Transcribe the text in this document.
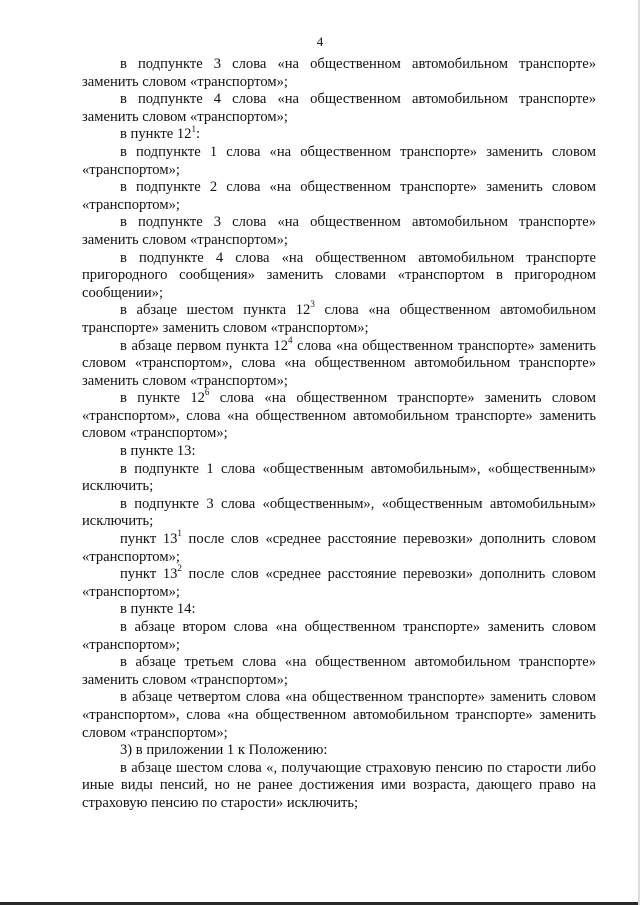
4

в подпункте 3 слова «на общественном автомобильном транспорте» заменить словом «транспортом»;

в подпункте 4 слова «на общественном автомобильном транспорте» заменить словом «транспортом»;

в пункте $12^1$:

в подпункте 1 слова «на общественном транспорте» заменить словом «транспортом»;

в подпункте 2 слова «на общественном транспорте» заменить словом «транспортом»;

в подпункте 3 слова «на общественном автомобильном транспорте» заменить словом «транспортом»;

в подпункте 4 слова «на общественном автомобильном транспорте пригородного сообщения» заменить словами «транспортом в пригородном сообщении»;

в абзаце шестом пункта $12^3$ слова «на общественном автомобильном транспорте» заменить словом «транспортом»;

в абзаце первом пункта $12^4$ слова «на общественном транспорте» заменить словом «транспортом», слова «на общественном автомобильном транспорте» заменить словом «транспортом»;

в пункте $12^6$ слова «на общественном транспорте» заменить словом «транспортом», слова «на общественном автомобильном транспорте» заменить словом «транспортом»;

в пункте 13:

в подпункте 1 слова «общественным автомобильным», «общественным» исключить;

в подпункте 3 слова «общественным», «общественным автомобильным» исключить;

пункт $13^1$ после слов «среднее расстояние перевозки» дополнить словом «транспортом»;

пункт $13^2$ после слов «среднее расстояние перевозки» дополнить словом «транспортом»;

в пункте 14:

в абзаце втором слова «на общественном транспорте» заменить словом «транспортом»;

в абзаце третьем слова «на общественном автомобильном транспорте» заменить словом «транспортом»;

в абзаце четвертом слова «на общественном транспорте» заменить словом «транспортом», слова «на общественном автомобильном транспорте» заменить словом «транспортом»;

3) в приложении 1 к Положению:

в абзаце шестом слова «, получающие страховую пенсию по старости либо иные виды пенсий, но не ранее достижения ими возраста, дающего право на страховую пенсию по старости» исключить;
